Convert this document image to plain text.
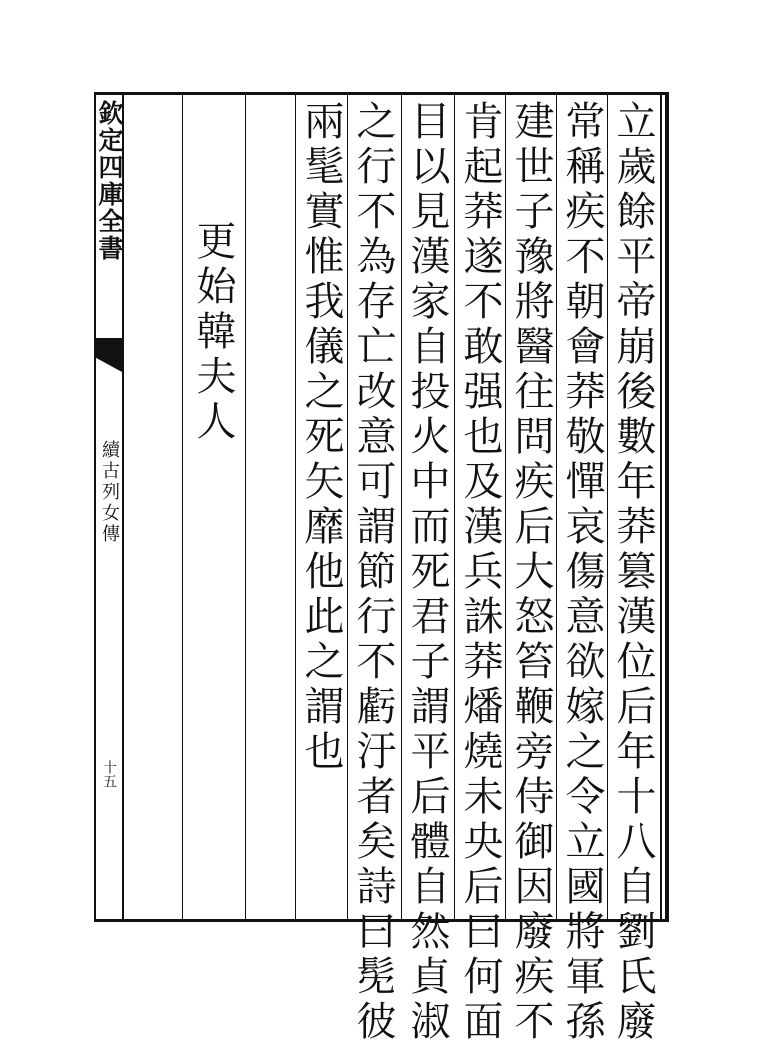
欽定四庫全書
續古列女傳
十五	立歲餘平帝崩後數年莽篡漢位后年十八自劉氏廢
常稱疾不朝會莽敬憚哀傷意欲嫁之令立國將軍孫
建世子豫將醫往問疾后大怒笞鞭旁侍御因廢疾不
肯起莽遂不敢强也及漢兵誅莽燔燒未央后曰何面
目以見漢家自投火中而死君子謂平后體自然貞淑
之行不為存亡改意可謂節行不虧汙者矣詩曰髧彼
兩髦實惟我儀之死矢靡他此之謂也
更始韓夫人
